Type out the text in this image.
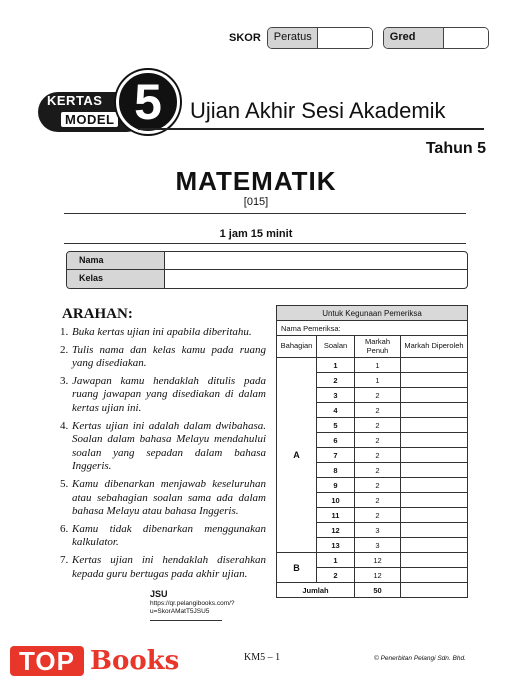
SKOR	Peratus	Gred
KERTAS
MODEL 5	Ujian Akhir Sesi Akademik
Tahun 5
MATEMATIK
[015]
1 jam 15 minit
Nama
Kelas
ARAHAN:
1. Buka kertas ujian ini apabila diberitahu.
2. Tulis nama dan kelas kamu pada ruang yang disediakan.
3. Jawapan kamu hendaklah ditulis pada ruang jawapan yang disediakan di dalam kertas ujian ini.
4. Kertas ujian ini adalah dalam dwibahasa. Soalan dalam bahasa Melayu mendahului soalan yang sepadan dalam bahasa Inggeris.
5. Kamu dibenarkan menjawab keseluruhan atau sebahagian soalan sama ada dalam bahasa Melayu atau bahasa Inggeris.
6. Kamu tidak dibenarkan menggunakan kalkulator.
7. Kertas ujian ini hendaklah diserahkan kepada guru bertugas pada akhir ujian.
Untuk Kegunaan Pemeriksa			
Nama Pemeriksa:			
Bahagian	Soalan	Markah Penuh	Markah Diperoleh
A	1	1	
	2	1	
	3	2	
	4	2	
	5	2	
	6	2	
	7	2	
	8	2	
	9	2	
	10	2	
	11	2	
	12	3	
	13	3	
B	1	12	
	2	12	
Jumlah		50	
JSU
https://qr.pelangibooks.com/?u=SkorAMatT5JSU5
TOP Books	KM5 – 1	© Penerbitan Pelangi Sdn. Bhd.
